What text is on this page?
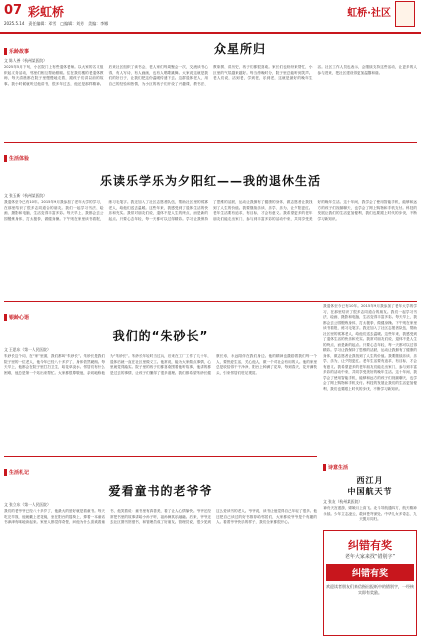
07 彩虹桥
2025.5.14　责任编辑：邓雪　□编辑：刘芳　美编：李娜
虹桥·社区
乐龄故事	众星所归
文 陈人善（杭州某医院）
2025年5月下旬，小区院门上有些退休老师。以大家的名义组织起义务活动，邻里们相互帮助照顾。住在我们楼的老退休教师，每天清晨都在院子里慢慢地走着，跟孩子们讲以前的故事。我小时候就听过他讲书，很多年过去，他还是那样精神。后来社区组织了读书会，老人家们每周聚会一次，交流读书心得，有人写诗，有人画画，也有人唱歌跳舞。大家说这就是我们的好日子，让我们把这份温暖传递下去。这群退休老人，用自己的经验和热情，为小区的孩子们开设了兴趣课，教书法、教象棋、讲历史，孩子们都很喜欢。家长们也纷纷来帮忙，小区里的气氛越来越好。每当傍晚时分，院子里总能听到笑声。老人们说，活到老，学到老，乐到老，这就是最好的晚年生活。社区工作人员也表示，会继续支持这些活动，让更多的人参与进来，把社区建设得更加温馨和谐。
生活体验
乐读乐学乐为夕阳红——我的退休生活
文 张玉新（杭州某医院）
我退休至今已有10年。2015年9月我参加了老年大学的学习，在那里结识了很多志同道合的朋友。我们一起学习书法、绘画、摄影和电脑，生活变得丰富多彩。每天早上，我都会去公园锻炼身体，打太极拳，做健身操。下午则在家里读书看报，练习毛笔字。我还加入了社区志愿者队伍，帮助社区里的孤寡老人，给他们送去温暖。这些年来，我感受到了退休生活的快乐和充实。我常对朋友们说，退休不是人生的终点，而是新的起点。只要心态年轻，每一天都可以过得精彩。学习让我保持了思维的活跃，运动让我拥有了健康的身体，做志愿者让我找到了人生的价值。我要继续乐读、乐学、乐为，让夕阳更红。老年生活要有追求，有目标，才会有意义。我希望更多的老年朋友们能走出家门，参与到丰富多彩的活动中来，共同享受美好的晚年生活。这十年间，我学会了使用智能手机，能够和远方的孩子们视频聊天，也学会了网上购物和手机支付。科技的发展让我们的生活更加便利，我们也要跟上时代的步伐，不断学习新知识。
银龄心语
我们的“朱砂长”
文 王思东（第一人民医院）
朱砂长这个词，在“家”里面，我们都叫“朱砂长”。朱砂长是我们院子里的一位老人，他今年已经八十多岁了，身体依然硬朗。每天早上，他都会在院子里打扫卫生，给花草浇水。邻居们有什么困难，他总是第一个站出来帮忙。大家都很尊敬他，亲切地称他为“朱砂长”。朱砂长年轻时当过兵，后来在工厂工作了几十年，退休后就一直在社区里做义工。他常说，能为大家做点事情，心里就觉得踏实。院子里的孩子们都喜欢围着他听故事，他讲的都是过去的事情，让孩子们懂得了很多道理。我们都希望朱砂长健康长寿，永远陪伴在我们身边。他的精神也激励着我们每一个人，要热爱生活，关心他人，做一个对社会有用的人。他的家里总是收拾得干干净净，阳台上种满了花草，每到春天，花开满枝头，引来邻居们驻足观赏。
我退休至今已有10年。2015年9月我参加了老年大学的学习，在那里结识了很多志同道合的朋友。我们一起学习书法、绘画、摄影和电脑，生活变得丰富多彩。每天早上，我都会去公园锻炼身体，打太极拳，做健身操。下午则在家里读书看报，练习毛笔字。我还加入了社区志愿者队伍，帮助社区里的孤寡老人，给他们送去温暖。这些年来，我感受到了退休生活的快乐和充实。我常对朋友们说，退休不是人生的终点，而是新的起点。只要心态年轻，每一天都可以过得精彩。学习让我保持了思维的活跃，运动让我拥有了健康的身体，做志愿者让我找到了人生的价值。我要继续乐读、乐学、乐为，让夕阳更红。老年生活要有追求，有目标，才会有意义。我希望更多的老年朋友们能走出家门，参与到丰富多彩的活动中来，共同享受美好的晚年生活。这十年间，我学会了使用智能手机，能够和远方的孩子们视频聊天，也学会了网上购物和手机支付。科技的发展让我们的生活更加便利，我们也要跟上时代的步伐，不断学习新知识。
诗意生活
西江月
中国航天节
文 张友（杭州某医院）
神舟天宫遨游，嫦娥月上高飞。北斗导航通四方，航天精神永续。少年立志凌云，敢问苍穹深处。中华儿女多奇志，九天揽月同归。
生活札记
爱看童书的老爷爷
文 张立东（第一人民医院）
我们的老爷爷已经八十多岁了，他最大的爱好就是看童书。每天吃完早饭，他就戴上老花镜，坐在阳台的摇椅上，捧着一本童话书津津有味地读起来。家里人都觉得奇怪，问他为什么喜欢看童书，他笑着说：童书里有真善美，看了让人心情愉快。爷爷还经常把书里的故事讲给小孙子听，祖孙俩其乐融融。后来，爷爷还去社区图书馆借书，和管理员成了好朋友。管理员说，很少见到这么爱读书的老人。爷爷说，读书让他觉得自己年轻了很多。他还把自己读过的好书推荐给邻居们，大家都说爷爷是个有趣的人。看着爷爷快乐的样子，我们全家都很开心。
纠错有奖
老年大家来找“错别字”
纠错有奖
欢迎读者朋友们来信指出报纸中的错别字，一经核实即有奖励。
